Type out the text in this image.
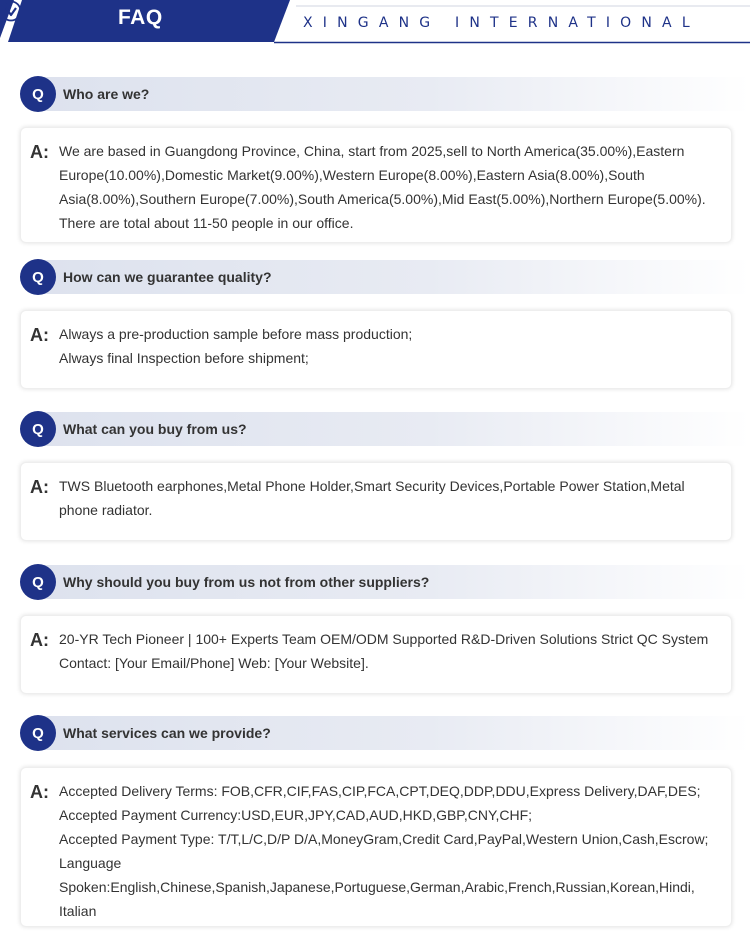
FAQ	XINGANG INTERNATIONAL
Q	Who are we?
A: We are based in Guangdong Province, China, start from 2025,sell to North America(35.00%),Eastern
Europe(10.00%),Domestic Market(9.00%),Western Europe(8.00%),Eastern Asia(8.00%),South
Asia(8.00%),Southern Europe(7.00%),South America(5.00%),Mid East(5.00%),Northern Europe(5.00%).
There are total about 11-50 people in our office.
Q	How can we guarantee quality?
A: Always a pre-production sample before mass production;
Always final Inspection before shipment;
Q	What can you buy from us?
A: TWS Bluetooth earphones,Metal Phone Holder,Smart Security Devices,Portable Power Station,Metal
phone radiator.
Q	Why should you buy from us not from other suppliers?
A: 20-YR Tech Pioneer | 100+ Experts Team OEM/ODM Supported R&D-Driven Solutions Strict QC System
Contact: [Your Email/Phone] Web: [Your Website].
Q	What services can we provide?
A: Accepted Delivery Terms: FOB,CFR,CIF,FAS,CIP,FCA,CPT,DEQ,DDP,DDU,Express Delivery,DAF,DES;
Accepted Payment Currency:USD,EUR,JPY,CAD,AUD,HKD,GBP,CNY,CHF;
Accepted Payment Type: T/T,L/C,D/P D/A,MoneyGram,Credit Card,PayPal,Western Union,Cash,Escrow;
Language
Spoken:English,Chinese,Spanish,Japanese,Portuguese,German,Arabic,French,Russian,Korean,Hindi,
Italian
